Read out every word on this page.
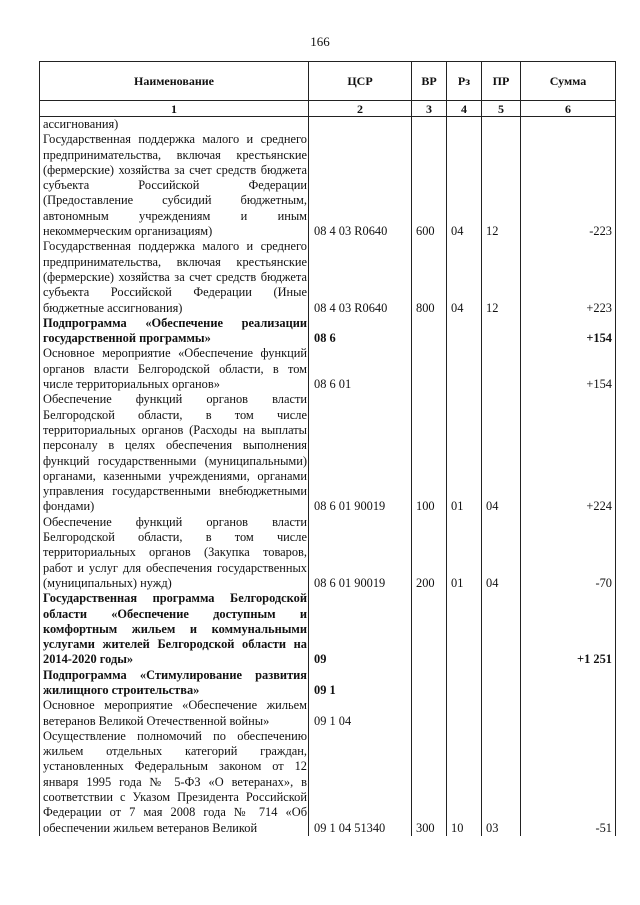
166
Наименование	ЦСР	ВР	Рз	ПР	Сумма
1	2	3	4	5	6
ассигнования)					
Государственная поддержка малого и среднего предпринимательства, включая крестьянские (фермерские) хозяйства за счет средств бюджета субъекта Российской Федерации (Предоставление субсидий бюджетным, автономным учреждениям и иным некоммерческим организациям)	08 4 03 R0640	600	04	12	-223
Государственная поддержка малого и среднего предпринимательства, включая крестьянские (фермерские) хозяйства за счет средств бюджета субъекта Российской Федерации (Иные бюджетные ассигнования)	08 4 03 R0640	800	04	12	+223
Подпрограмма «Обеспечение реализации государственной программы»	08 6				+154
Основное мероприятие «Обеспечение функций органов власти Белгородской области, в том числе территориальных органов»	08 6 01				+154
Обеспечение функций органов власти Белгородской области, в том числе территориальных органов (Расходы на выплаты персоналу в целях обеспечения выполнения функций государственными (муниципальными) органами, казенными учреждениями, органами управления государственными внебюджетными фондами)	08 6 01 90019	100	01	04	+224
Обеспечение функций органов власти Белгородской области, в том числе территориальных органов (Закупка товаров, работ и услуг для обеспечения государственных (муниципальных) нужд)	08 6 01 90019	200	01	04	-70
Государственная программа Белгородской области «Обеспечение доступным и комфортным жильем и коммунальными услугами жителей Белгородской области на 2014-2020 годы»	09				+1 251
Подпрограмма «Стимулирование развития жилищного строительства»	09 1				
Основное мероприятие «Обеспечение жильем ветеранов Великой Отечественной войны»	09 1 04				
Осуществление полномочий по обеспечению жильем отдельных категорий граждан, установленных Федеральным законом от 12 января 1995 года № 5-ФЗ «О ветеранах», в соответствии с Указом Президента Российской Федерации от 7 мая 2008 года № 714 «Об обеспечении жильем ветеранов Великой	09 1 04 51340	300	10	03	-51
